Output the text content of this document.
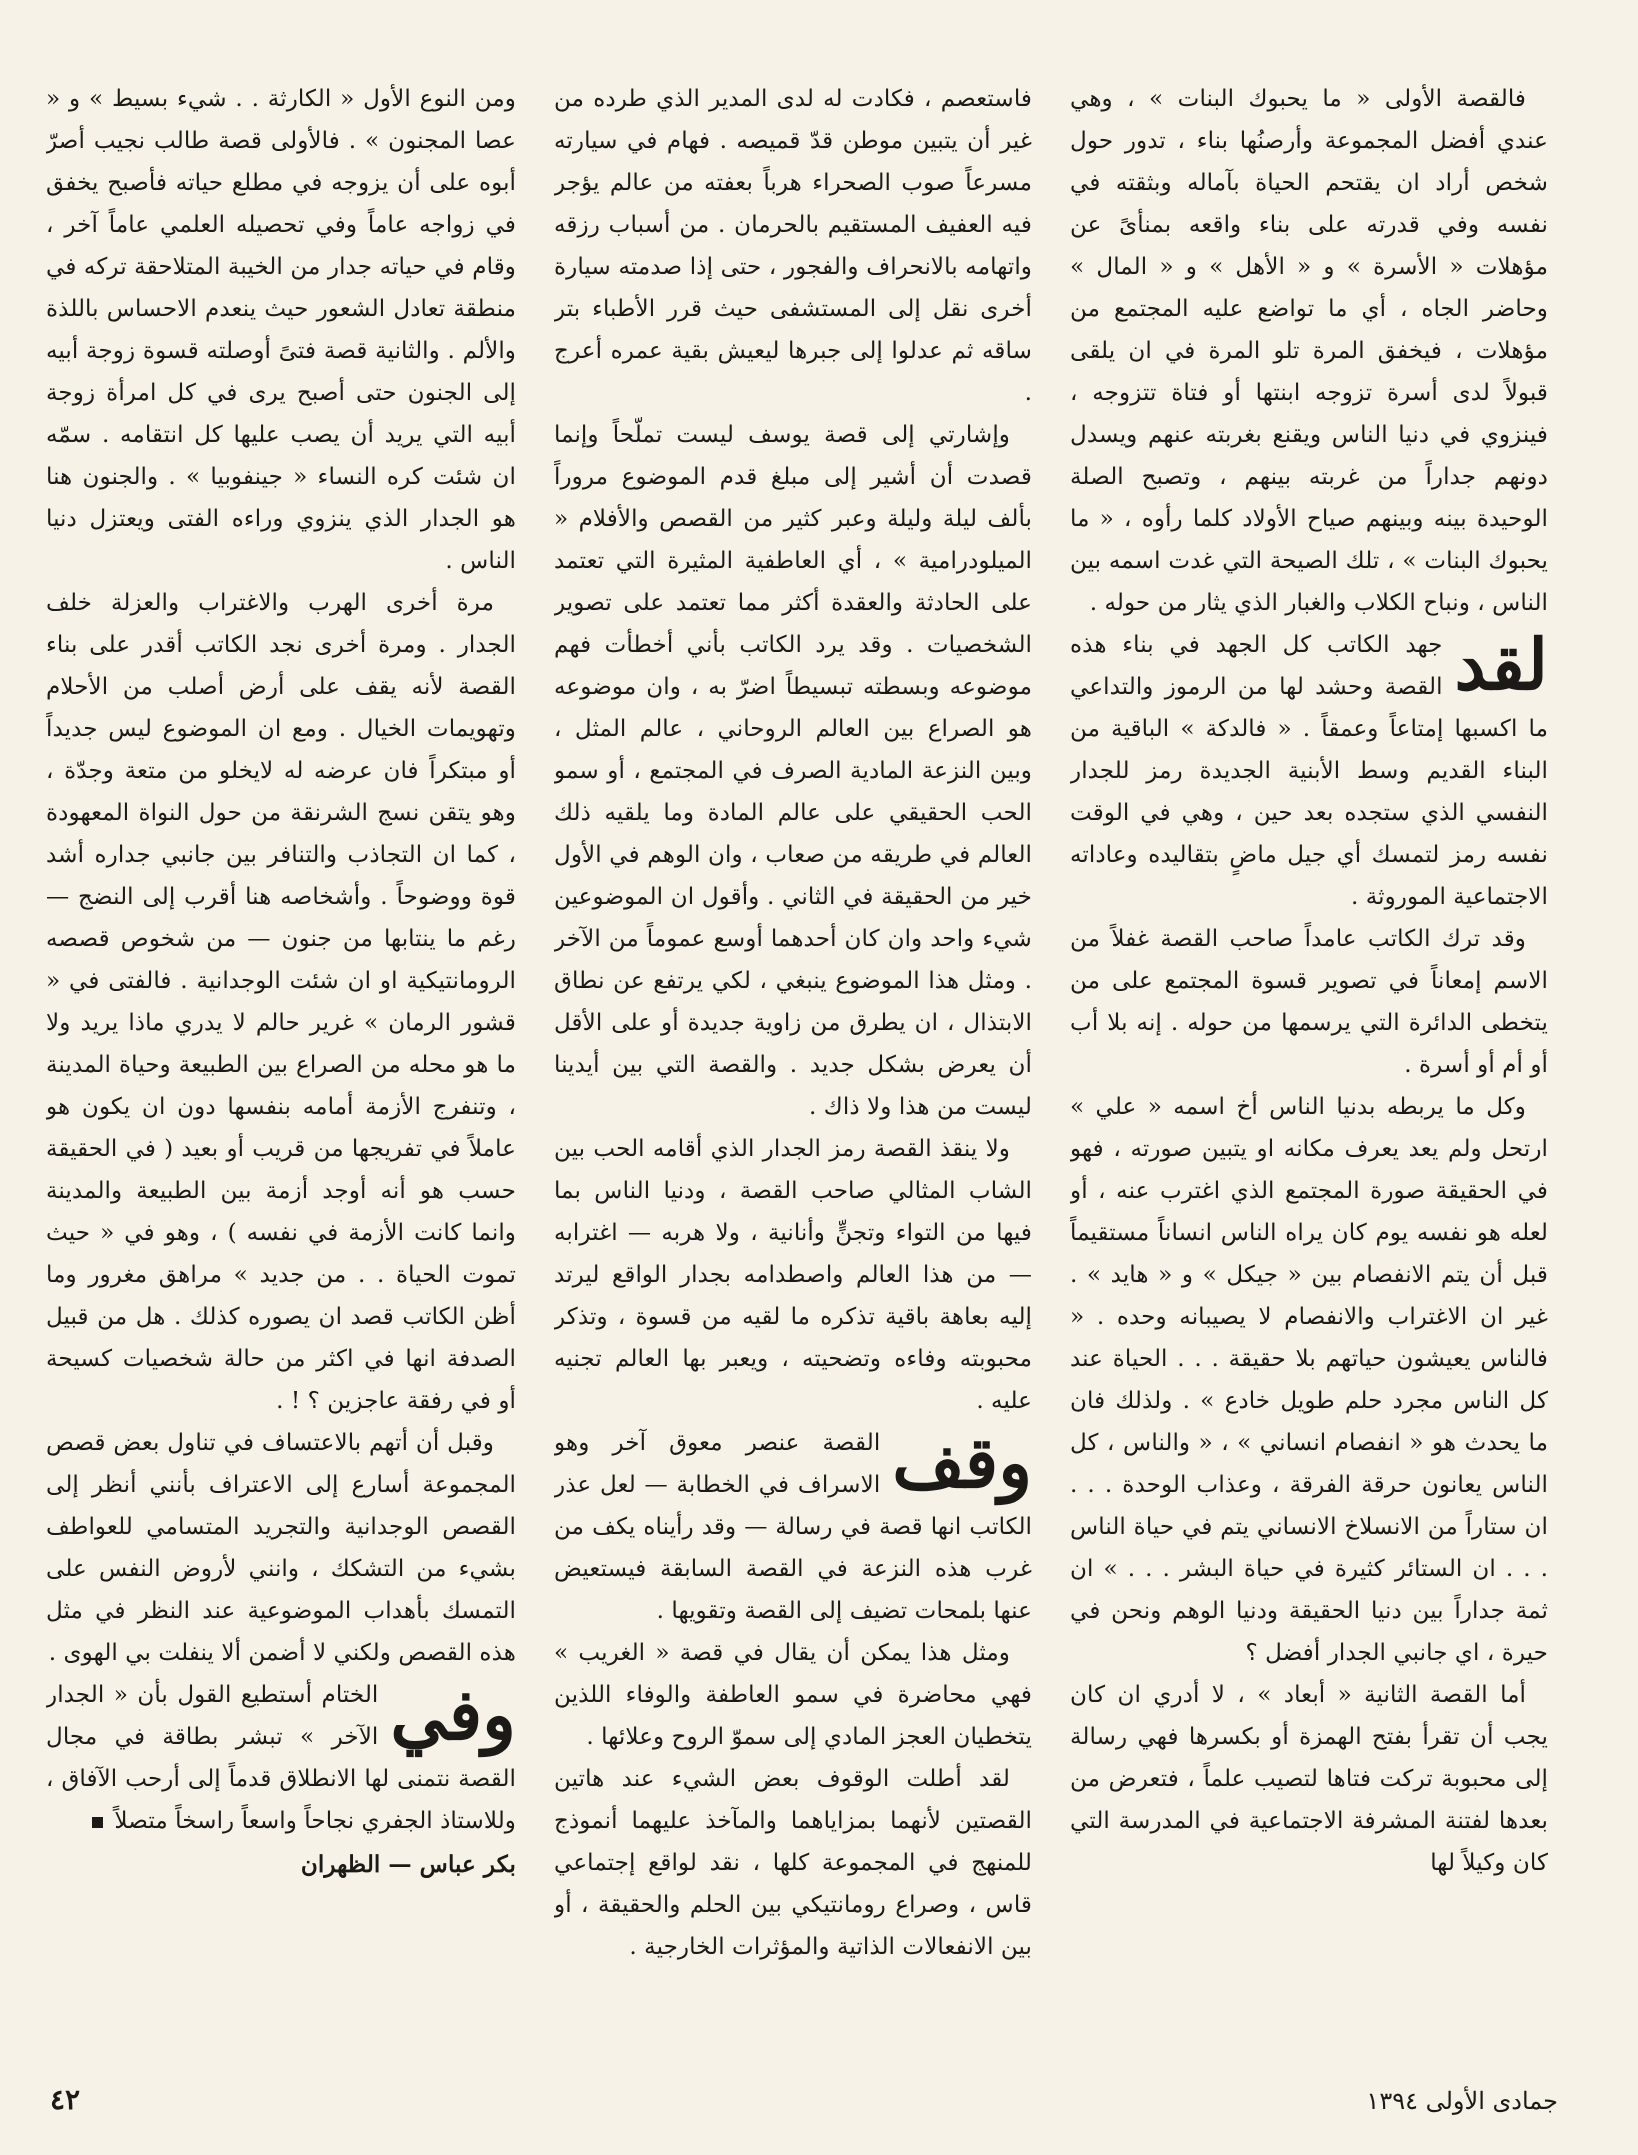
فالقصة الأولى « ما يحبوك البنات » ، وهي عندي أفضل المجموعة وأرصنُها بناء ، تدور حول شخص أراد ان يقتحم الحياة بآماله وبثقته في نفسه وفي قدرته على بناء واقعه بمنأىً عن مؤهلات « الأسرة » و « الأهل » و « المال » وحاضر الجاه ، أي ما تواضع عليه المجتمع من مؤهلات ، فيخفق المرة تلو المرة في ان يلقى قبولاً لدى أسرة تزوجه ابنتها أو فتاة تتزوجه ، فينزوي في دنيا الناس ويقنع بغربته عنهم ويسدل دونهم جداراً من غربته بينهم ، وتصبح الصلة الوحيدة بينه وبينهم صياح الأولاد كلما رأوه ، « ما يحبوك البنات » ، تلك الصيحة التي غدت اسمه بين الناس ، ونباح الكلاب والغبار الذي يثار من حوله .

لقد
جهد الكاتب كل الجهد في بناء هذه القصة وحشد لها من الرموز والتداعي ما اكسبها إمتاعاً وعمقاً . « فالدكة » الباقية من البناء القديم وسط الأبنية الجديدة رمز للجدار النفسي الذي ستجده بعد حين ، وهي في الوقت نفسه رمز لتمسك أي جيل ماضٍ بتقاليده وعاداته الاجتماعية الموروثة .

وقد ترك الكاتب عامداً صاحب القصة غفلاً من الاسم إمعاناً في تصوير قسوة المجتمع على من يتخطى الدائرة التي يرسمها من حوله . إنه بلا أب أو أم أو أسرة .

وكل ما يربطه بدنيا الناس أخ اسمه « علي » ارتحل ولم يعد يعرف مكانه او يتبين صورته ، فهو في الحقيقة صورة المجتمع الذي اغترب عنه ، أو لعله هو نفسه يوم كان يراه الناس انساناً مستقيماً قبل أن يتم الانفصام بين « جيكل » و « هايد » . غير ان الاغتراب والانفصام لا يصيبانه وحده . « فالناس يعيشون حياتهم بلا حقيقة . . . الحياة عند كل الناس مجرد حلم طويل خادع » . ولذلك فان ما يحدث هو « انفصام انساني » ، « والناس ، كل الناس يعانون حرقة الفرقة ، وعذاب الوحدة . . . ان ستاراً من الانسلاخ الانساني يتم في حياة الناس . . . ان الستائر كثيرة في حياة البشر . . . » ان ثمة جداراً بين دنيا الحقيقة ودنيا الوهم ونحن في حيرة ، اي جانبي الجدار أفضل ؟

أما القصة الثانية « أبعاد » ، لا أدري ان كان يجب أن تقرأ بفتح الهمزة أو بكسرها فهي رسالة إلى محبوبة تركت فتاها لتصيب علماً ، فتعرض من بعدها لفتنة المشرفة الاجتماعية في المدرسة التي كان وكيلاً لها

فاستعصم ، فكادت له لدى المدير الذي طرده من غير أن يتبين موطن قدّ قميصه . فهام في سيارته مسرعاً صوب الصحراء هرباً بعفته من عالم يؤجر فيه العفيف المستقيم بالحرمان . من أسباب رزقه واتهامه بالانحراف والفجور ، حتى إذا صدمته سيارة أخرى نقل إلى المستشفى حيث قرر الأطباء بتر ساقه ثم عدلوا إلى جبرها ليعيش بقية عمره أعرج .

وإشارتي إلى قصة يوسف ليست تملّحاً وإنما قصدت أن أشير إلى مبلغ قدم الموضوع مروراً بألف ليلة وليلة وعبر كثير من القصص والأفلام « الميلودرامية » ، أي العاطفية المثيرة التي تعتمد على الحادثة والعقدة أكثر مما تعتمد على تصوير الشخصيات . وقد يرد الكاتب بأني أخطأت فهم موضوعه وبسطته تبسيطاً اضرّ به ، وان موضوعه هو الصراع بين العالم الروحاني ، عالم المثل ، وبين النزعة المادية الصرف في المجتمع ، أو سمو الحب الحقيقي على عالم المادة وما يلقيه ذلك العالم في طريقه من صعاب ، وان الوهم في الأول خير من الحقيقة في الثاني . وأقول ان الموضوعين شيء واحد وان كان أحدهما أوسع عموماً من الآخر . ومثل هذا الموضوع ينبغي ، لكي يرتفع عن نطاق الابتذال ، ان يطرق من زاوية جديدة أو على الأقل أن يعرض بشكل جديد . والقصة التي بين أيدينا ليست من هذا ولا ذاك .

ولا ينقذ القصة رمز الجدار الذي أقامه الحب بين الشاب المثالي صاحب القصة ، ودنيا الناس بما فيها من التواء وتجنٍّ وأنانية ، ولا هربه — اغترابه — من هذا العالم واصطدامه بجدار الواقع ليرتد إليه بعاهة باقية تذكره ما لقيه من قسوة ، وتذكر محبوبته وفاءه وتضحيته ، ويعبر بها العالم تجنيه عليه .

وقف
القصة عنصر معوق آخر وهو الاسراف في الخطابة — لعل عذر الكاتب انها قصة في رسالة — وقد رأيناه يكف من غرب هذه النزعة في القصة السابقة فيستعيض عنها بلمحات تضيف إلى القصة وتقويها .

ومثل هذا يمكن أن يقال في قصة « الغريب » فهي محاضرة في سمو العاطفة والوفاء اللذين يتخطيان العجز المادي إلى سموّ الروح وعلائها .

لقد أطلت الوقوف بعض الشيء عند هاتين القصتين لأنهما بمزاياهما والمآخذ عليهما أنموذج للمنهج في المجموعة كلها ، نقد لواقع إجتماعي قاس ، وصراع رومانتيكي بين الحلم والحقيقة ، أو بين الانفعالات الذاتية والمؤثرات الخارجية .

ومن النوع الأول « الكارثة . . شيء بسيط » و « عصا المجنون » . فالأولى قصة طالب نجيب أصرّ أبوه على أن يزوجه في مطلع حياته فأصبح يخفق في زواجه عاماً وفي تحصيله العلمي عاماً آخر ، وقام في حياته جدار من الخيبة المتلاحقة تركه في منطقة تعادل الشعور حيث ينعدم الاحساس باللذة والألم . والثانية قصة فتىً أوصلته قسوة زوجة أبيه إلى الجنون حتى أصبح يرى في كل امرأة زوجة أبيه التي يريد أن يصب عليها كل انتقامه . سمّه ان شئت كره النساء « جينفوبيا » . والجنون هنا هو الجدار الذي ينزوي وراءه الفتى ويعتزل دنيا الناس .

مرة أخرى الهرب والاغتراب والعزلة خلف الجدار . ومرة أخرى نجد الكاتب أقدر على بناء القصة لأنه يقف على أرض أصلب من الأحلام وتهويمات الخيال . ومع ان الموضوع ليس جديداً أو مبتكراً فان عرضه له لايخلو من متعة وجدّة ، وهو يتقن نسج الشرنقة من حول النواة المعهودة ، كما ان التجاذب والتنافر بين جانبي جداره أشد قوة ووضوحاً . وأشخاصه هنا أقرب إلى النضج — رغم ما ينتابها من جنون — من شخوص قصصه الرومانتيكية او ان شئت الوجدانية . فالفتى في « قشور الرمان » غرير حالم لا يدري ماذا يريد ولا ما هو محله من الصراع بين الطبيعة وحياة المدينة ، وتنفرج الأزمة أمامه بنفسها دون ان يكون هو عاملاً في تفريجها من قريب أو بعيد ( في الحقيقة حسب هو أنه أوجد أزمة بين الطبيعة والمدينة وانما كانت الأزمة في نفسه ) ، وهو في « حيث تموت الحياة . . من جديد » مراهق مغرور وما أظن الكاتب قصد ان يصوره كذلك . هل من قبيل الصدفة انها في اكثر من حالة شخصيات كسيحة أو في رفقة عاجزين ؟ ! .

وقبل أن أتهم بالاعتساف في تناول بعض قصص المجموعة أسارع إلى الاعتراف بأنني أنظر إلى القصص الوجدانية والتجريد المتسامي للعواطف بشيء من التشكك ، وانني لأروض النفس على التمسك بأهداب الموضوعية عند النظر في مثل هذه القصص ولكني لا أضمن ألا ينفلت بي الهوى .

وفي
الختام أستطيع القول بأن « الجدار الآخر » تبشر بطاقة في مجال القصة نتمنى لها الانطلاق قدماً إلى أرحب الآفاق ، وللاستاذ الجفري نجاحاً واسعاً راسخاً متصلاً

بكر عباس — الظهران
٤٢	جمادى الأولى ١٣٩٤
